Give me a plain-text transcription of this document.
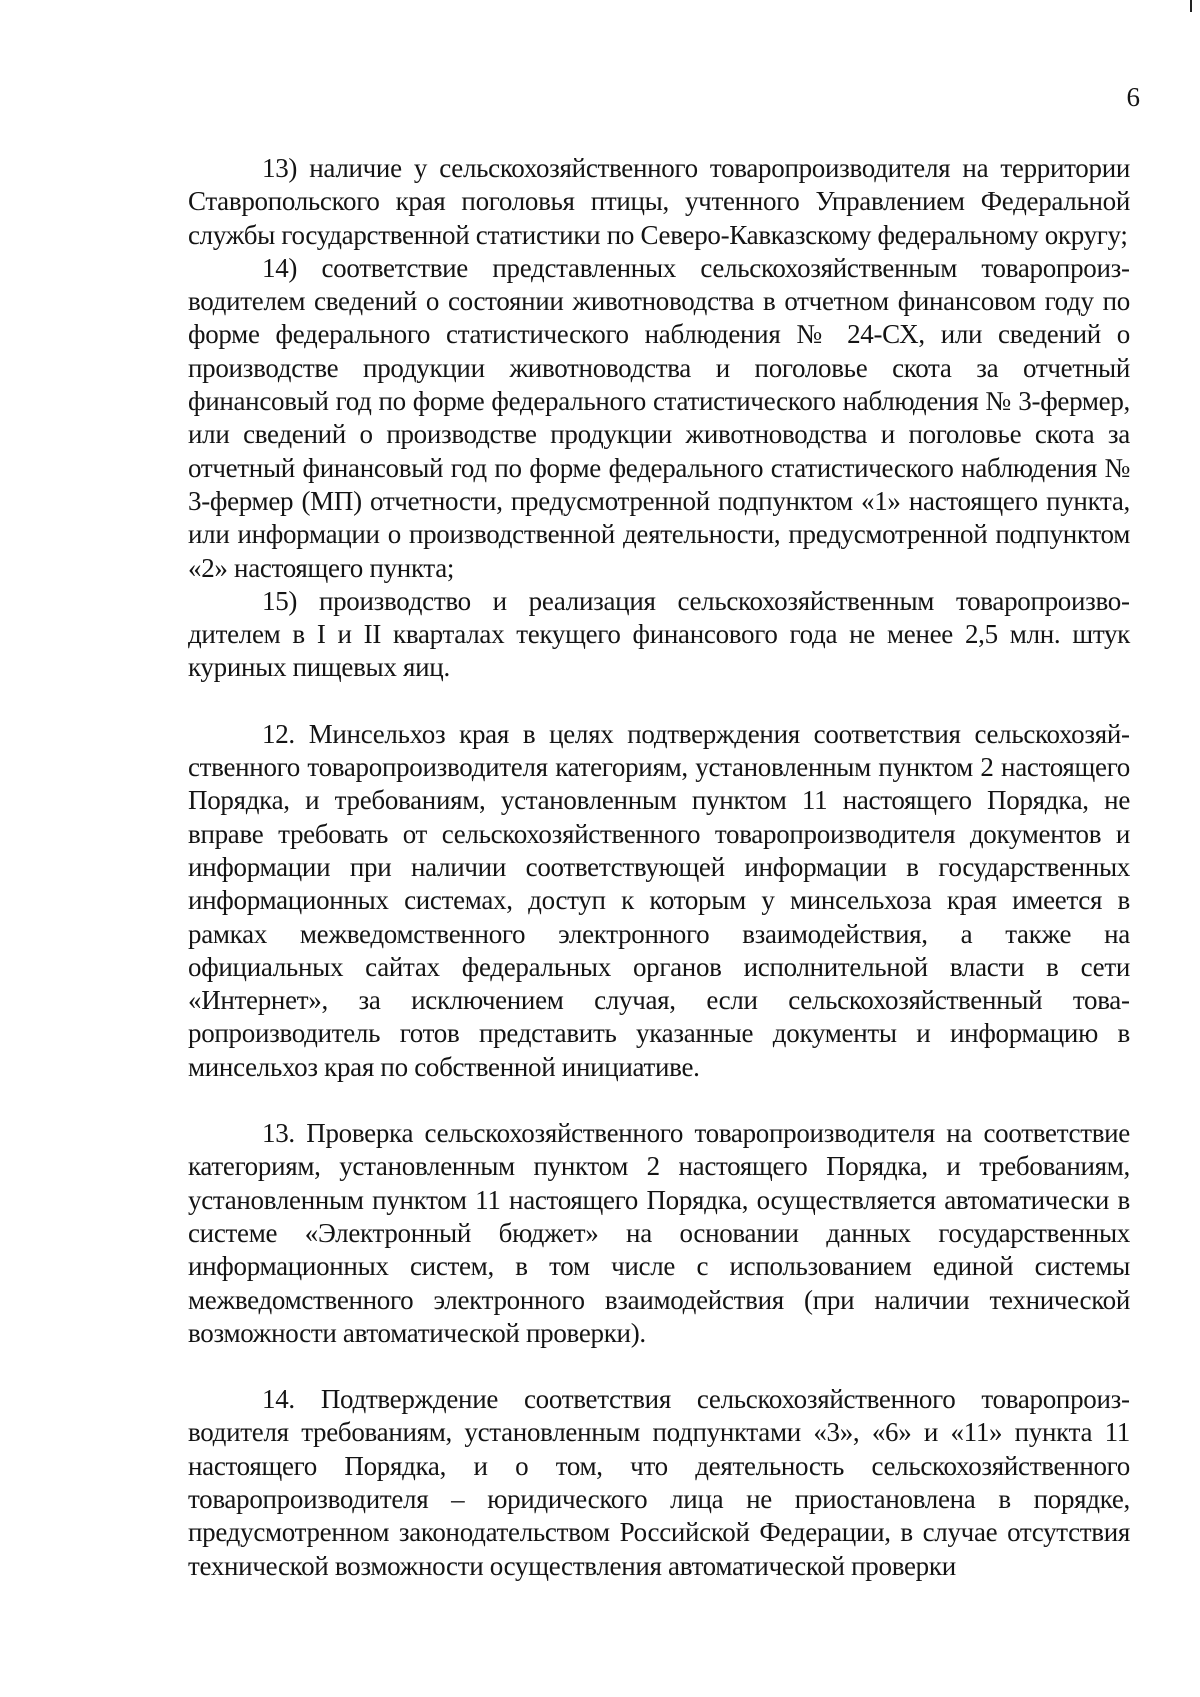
6

13) наличие у сельскохозяйственного товаропроизводителя на территории Ставропольского края поголовья птицы, учтенного Управлением Федеральной службы государственной статистики по Северо-Кавказскому федеральному округу;

14) соответствие представленных сельскохозяйственным товаропроизводителем сведений о состоянии животноводства в отчетном финансовом году по форме федерального статистического наблюдения № 24-СХ, или сведений о производстве продукции животноводства и поголовье скота за отчетный финансовый год по форме федерального статистического наблюдения № 3-фермер, или сведений о производстве продукции животноводства и поголовье скота за отчетный финансовый год по форме федерального статистического наблюдения № 3-фермер (МП) отчетности, предусмотренной подпунктом «1» настоящего пункта, или информации о производственной деятельности, предусмотренной подпунктом «2» настоящего пункта;

15) производство и реализация сельскохозяйственным товаропроизводителем в I и II кварталах текущего финансового года не менее 2,5 млн. штук куриных пищевых яиц.

12. Минсельхоз края в целях подтверждения соответствия сельскохозяйственного товаропроизводителя категориям, установленным пунктом 2 настоящего Порядка, и требованиям, установленным пунктом 11 настоящего Порядка, не вправе требовать от сельскохозяйственного товаропроизводителя документов и информации при наличии соответствующей информации в государственных информационных системах, доступ к которым у минсельхоза края имеется в рамках межведомственного электронного взаимодействия, а также на официальных сайтах федеральных органов исполнительной власти в сети «Интернет», за исключением случая, если сельскохозяйственный товаропроизводитель готов представить указанные документы и информацию в минсельхоз края по собственной инициативе.

13. Проверка сельскохозяйственного товаропроизводителя на соответствие категориям, установленным пунктом 2 настоящего Порядка, и требованиям, установленным пунктом 11 настоящего Порядка, осуществляется автоматически в системе «Электронный бюджет» на основании данных государственных информационных систем, в том числе с использованием единой системы межведомственного электронного взаимодействия (при наличии технической возможности автоматической проверки).

14. Подтверждение соответствия сельскохозяйственного товаропроизводителя требованиям, установленным подпунктами «3», «6» и «11» пункта 11 настоящего Порядка, и о том, что деятельность сельскохозяйственного товаропроизводителя – юридического лица не приостановлена в порядке, предусмотренном законодательством Российской Федерации, в случае отсутствия технической возможности осуществления автоматической проверки
